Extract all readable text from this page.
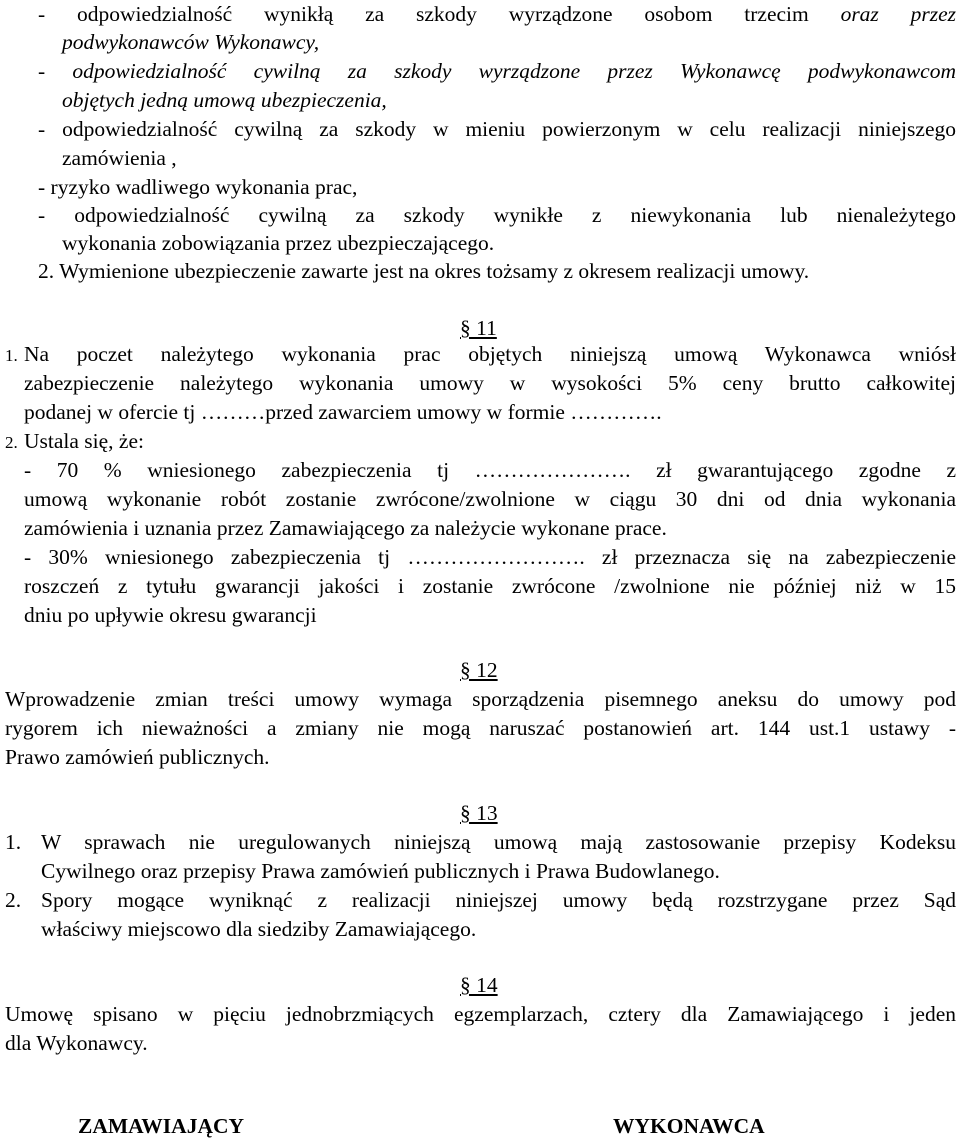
- odpowiedzialność wynikłą za szkody wyrządzone osobom trzecim oraz przez
podwykonawców Wykonawcy,
- odpowiedzialność cywilną za szkody wyrządzone przez Wykonawcę podwykonawcom
objętych jedną umową ubezpieczenia,
- odpowiedzialność cywilną za szkody w mieniu powierzonym w celu realizacji niniejszego
zamówienia ,
- ryzyko wadliwego wykonania prac,
- odpowiedzialność cywilną za szkody wynikłe z niewykonania lub nienależytego
wykonania zobowiązania przez ubezpieczającego.
2. Wymienione ubezpieczenie zawarte jest na okres tożsamy z okresem realizacji umowy.
§ 11
1. Na poczet należytego wykonania prac objętych niniejszą umową Wykonawca wniósł
zabezpieczenie należytego wykonania umowy w wysokości 5% ceny brutto całkowitej
podanej w ofercie tj ………przed zawarciem umowy w formie ………….
2. Ustala się, że:
- 70 % wniesionego zabezpieczenia tj …………………. zł gwarantującego zgodne z
umową wykonanie robót zostanie zwrócone/zwolnione w ciągu 30 dni od dnia wykonania
zamówienia i uznania przez Zamawiającego za należycie wykonane prace.
- 30% wniesionego zabezpieczenia tj ……………………. zł przeznacza się na zabezpieczenie
roszczeń z tytułu gwarancji jakości i zostanie zwrócone /zwolnione nie później niż w 15
dniu po upływie okresu gwarancji
§ 12
Wprowadzenie zmian treści umowy wymaga sporządzenia pisemnego aneksu do umowy pod
rygorem ich nieważności a zmiany nie mogą naruszać postanowień art. 144 ust.1 ustawy -
Prawo zamówień publicznych.
§ 13
1. W sprawach nie uregulowanych niniejszą umową mają zastosowanie przepisy Kodeksu
Cywilnego oraz przepisy Prawa zamówień publicznych i Prawa Budowlanego.
2. Spory mogące wyniknąć z realizacji niniejszej umowy będą rozstrzygane przez Sąd
właściwy miejscowo dla siedziby Zamawiającego.
§ 14
Umowę spisano w pięciu jednobrzmiących egzemplarzach, cztery dla Zamawiającego i jeden
dla Wykonawcy.
ZAMAWIAJĄCY	WYKONAWCA
